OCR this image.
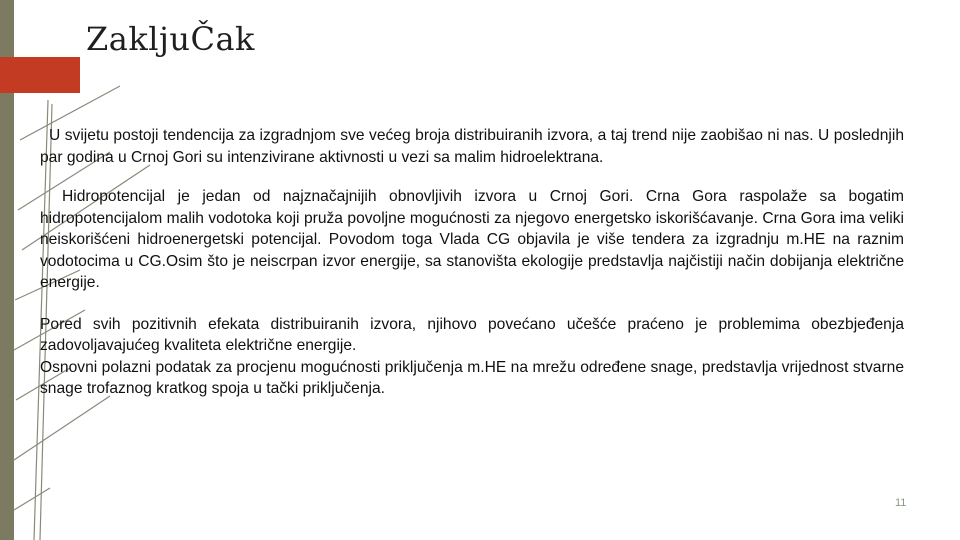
ZakljuČak

U svijetu postoji tendencija za izgradnjom sve većeg broja distribuiranih izvora, a taj trend nije zaobišao ni nas. U poslednjih par godina u Crnoj Gori su intenzivirane aktivnosti u vezi sa malim hidroelektrana.

Hidropotencijal je jedan od najznačajnijih obnovljivih izvora u Crnoj Gori. Crna Gora raspolaže sa bogatim hidropotencijalom malih vodotoka koji pruža povoljne mogućnosti za njegovo energetsko iskorišćavanje. Crna Gora ima veliki neiskorišćeni hidroenergetski potencijal. Povodom toga Vlada CG objavila je više tendera za izgradnju m.HE na raznim vodotocima u CG.Osim što je neiscrpan izvor energije, sa stanovišta ekologije predstavlja najčistiji način dobijanja električne energije.

Pored svih pozitivnih efekata distribuiranih izvora, njihovo povećano učešće praćeno je problemima obezbjeđenja zadovoljavajućeg kvaliteta električne energije.

Osnovni polazni podatak za procjenu mogućnosti priključenja m.HE na mrežu određene snage, predstavlja vrijednost stvarne snage trofaznog kratkog spoja u tački priključenja.

11
